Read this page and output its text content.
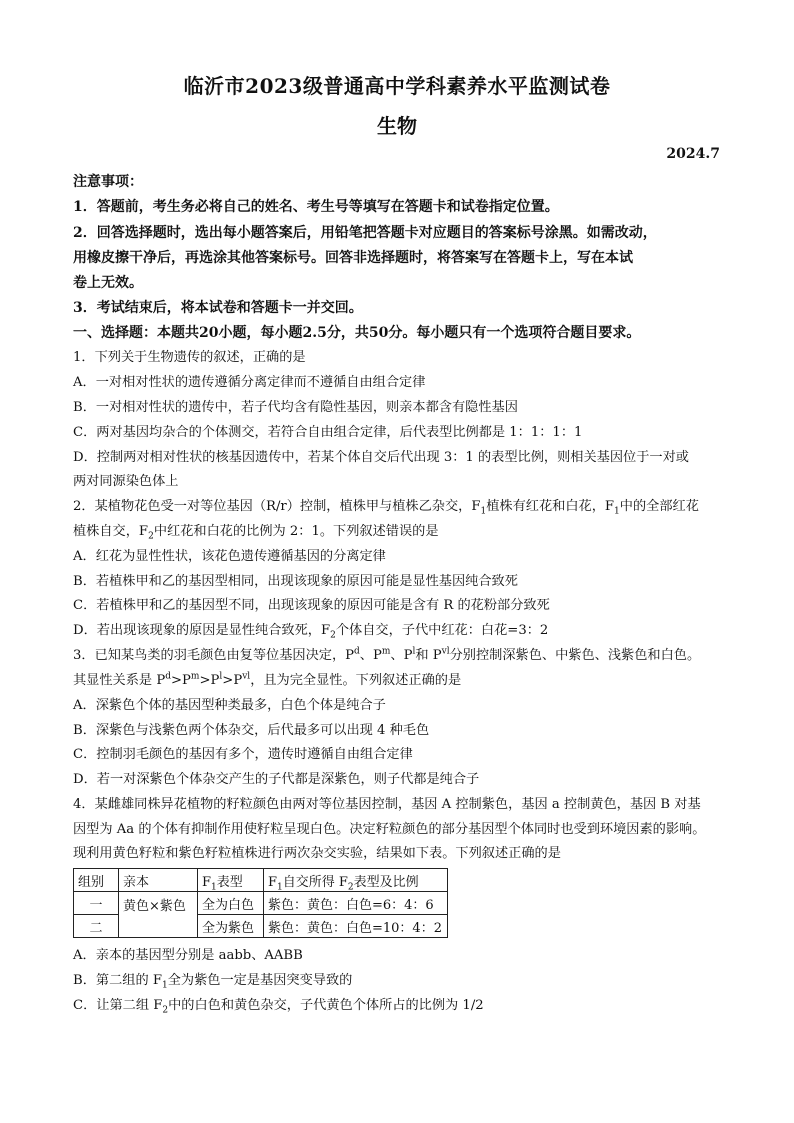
临沂市2023级普通高中学科素养水平监测试卷
生物
2024.7
注意事项：
1．答题前，考生务必将自己的姓名、考生号等填写在答题卡和试卷指定位置。
2．回答选择题时，选出每小题答案后，用铅笔把答题卡对应题目的答案标号涂黑。如需改动，
用橡皮擦干净后，再选涂其他答案标号。回答非选择题时，将答案写在答题卡上，写在本试
卷上无效。
3．考试结束后，将本试卷和答题卡一并交回。
一、选择题：本题共20小题，每小题2.5分，共50分。每小题只有一个选项符合题目要求。
1．下列关于生物遗传的叙述，正确的是
A．一对相对性状的遗传遵循分离定律而不遵循自由组合定律
B．一对相对性状的遗传中，若子代均含有隐性基因，则亲本都含有隐性基因
C．两对基因均杂合的个体测交，若符合自由组合定律，后代表型比例都是 1：1：1：1
D．控制两对相对性状的核基因遗传中，若某个体自交后代出现 3：1 的表型比例，则相关基因位于一对或
两对同源染色体上
2．某植物花色受一对等位基因（R/r）控制，植株甲与植株乙杂交，$F_1$植株有红花和白花，$F_1$中的全部红花
植株自交，$F_2$中红花和白花的比例为 2：1。下列叙述错误的是
A．红花为显性性状，该花色遗传遵循基因的分离定律
B．若植株甲和乙的基因型相同，出现该现象的原因可能是显性基因纯合致死
C．若植株甲和乙的基因型不同，出现该现象的原因可能是含有 R 的花粉部分致死
D．若出现该现象的原因是显性纯合致死，$F_2$个体自交，子代中红花：白花=3：2
3．已知某鸟类的羽毛颜色由复等位基因决定，$P^d$、$P^m$、$P^l$和 $P^{vl}$分别控制深紫色、中紫色、浅紫色和白色。
其显性关系是 $P^d>P^m>P^l>P^{vl}$，且为完全显性。下列叙述正确的是
A．深紫色个体的基因型种类最多，白色个体是纯合子
B．深紫色与浅紫色两个体杂交，后代最多可以出现 4 种毛色
C．控制羽毛颜色的基因有多个，遗传时遵循自由组合定律
D．若一对深紫色个体杂交产生的子代都是深紫色，则子代都是纯合子
4．某雌雄同株异花植物的籽粒颜色由两对等位基因控制，基因 A 控制紫色，基因 a 控制黄色，基因 B 对基
因型为 Aa 的个体有抑制作用使籽粒呈现白色。决定籽粒颜色的部分基因型个体同时也受到环境因素的影响。
现利用黄色籽粒和紫色籽粒植株进行两次杂交实验，结果如下表。下列叙述正确的是
组别	亲本	$F_1$表型	$F_1$自交所得 $F_2$表型及比例
一	黄色×紫色	全为白色	紫色：黄色：白色=6：4：6
二		全为紫色	紫色：黄色：白色=10：4：2
A．亲本的基因型分别是 aabb、AABB
B．第二组的 $F_1$全为紫色一定是基因突变导致的
C．让第二组 $F_2$中的白色和黄色杂交，子代黄色个体所占的比例为 1/2
